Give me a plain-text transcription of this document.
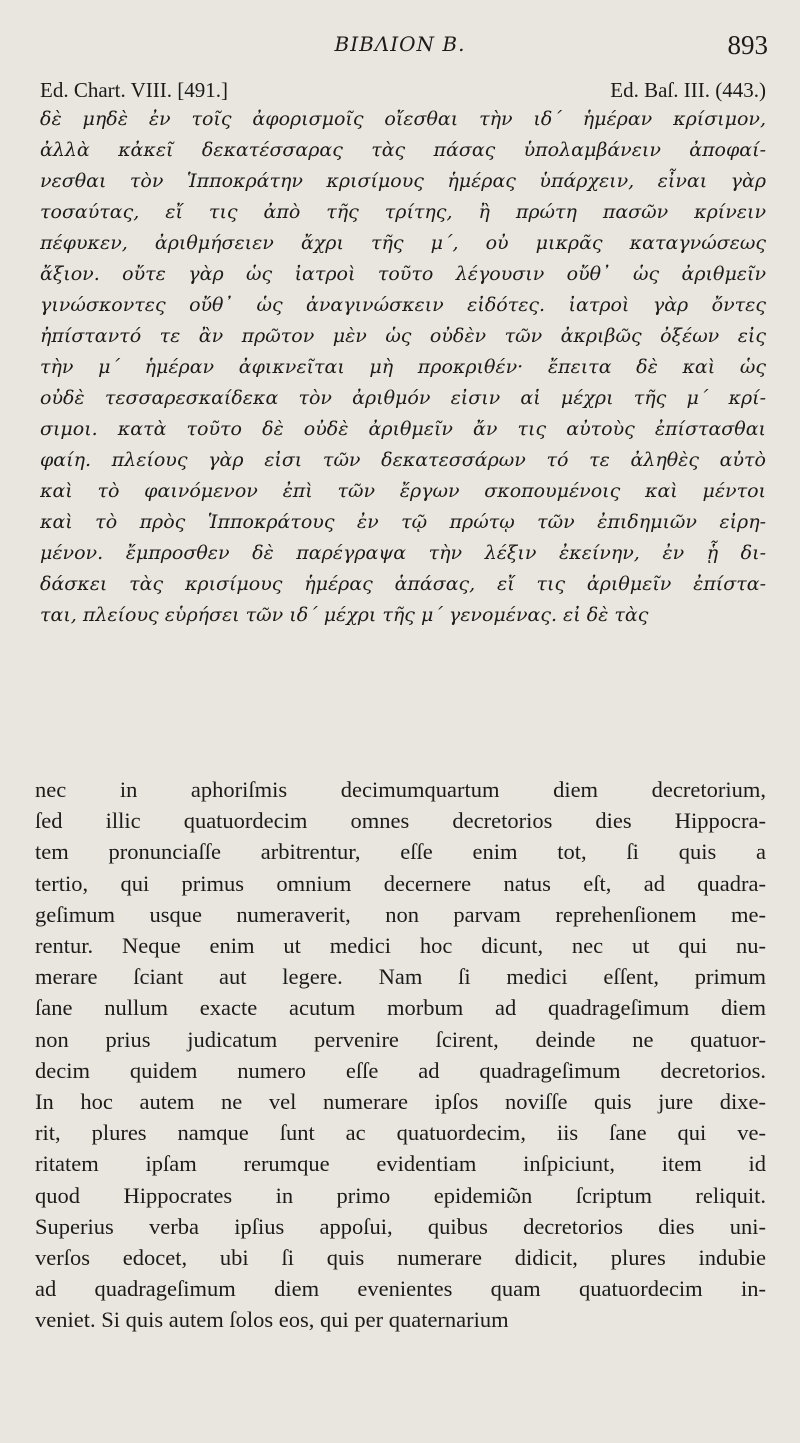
ΒΙΒΛΙΟΝ Β.	893
Ed. Chart. VIII. [491.]	Ed. Baſ. III. (443.)
δὲ μηδὲ ἐν τοῖς ἀφορισμοῖς οἴεσθαι τὴν ιδ΄ ἡμέραν κρίσιμον,
ἀλλὰ κἀκεῖ δεκατέσσαρας τὰς πάσας ὑπολαμβάνειν ἀποφαί-
νεσθαι τὸν Ἱπποκράτην κρισίμους ἡμέρας ὑπάρχειν, εἶναι γὰρ
τοσαύτας, εἴ τις ἀπὸ τῆς τρίτης, ἢ πρώτη πασῶν κρίνειν
πέφυκεν, ἀριθμήσειεν ἄχρι τῆς μ΄, οὐ μικρᾶς καταγνώσεως
ἄξιον. οὔτε γὰρ ὡς ἰατροὶ τοῦτο λέγουσιν οὔθ᾽ ὡς ἀριθμεῖν
γινώσκοντες οὔθ᾽ ὡς ἀναγινώσκειν εἰδότες. ἰατροὶ γὰρ ὄντες
ἠπίσταντό τε ἂν πρῶτον μὲν ὡς οὐδὲν τῶν ἀκριβῶς ὀξέων εἰς
τὴν μ΄ ἡμέραν ἀφικνεῖται μὴ προκριθέν· ἔπειτα δὲ καὶ ὡς
οὐδὲ τεσσαρεσκαίδεκα τὸν ἀριθμόν εἰσιν αἱ μέχρι τῆς μ΄ κρί-
σιμοι. κατὰ τοῦτο δὲ οὐδὲ ἀριθμεῖν ἄν τις αὐτοὺς ἐπίστασθαι
φαίη. πλείους γὰρ εἰσι τῶν δεκατεσσάρων τό τε ἀληθὲς αὐτὸ
καὶ τὸ φαινόμενον ἐπὶ τῶν ἔργων σκοπουμένοις καὶ μέντοι
καὶ τὸ πρὸς Ἱπποκράτους ἐν τῷ πρώτῳ τῶν ἐπιδημιῶν εἰρη-
μένον. ἔμπροσθεν δὲ παρέγραψα τὴν λέξιν ἐκείνην, ἐν ᾗ δι-
δάσκει τὰς κρισίμους ἡμέρας ἁπάσας, εἴ τις ἀριθμεῖν ἐπίστα-
ται, πλείους εὑρήσει τῶν ιδ΄ μέχρι τῆς μ΄ γενομένας. εἰ δὲ τὰς
nec in aphoriſmis decimumquartum diem decretorium,
ſed illic quatuordecim omnes decretorios dies Hippocra-
tem pronunciaſſe arbitrentur, eſſe enim tot, ſi quis a
tertio, qui primus omnium decernere natus eſt, ad quadra-
geſimum usque numeraverit, non parvam reprehenſionem me-
rentur. Neque enim ut medici hoc dicunt, nec ut qui nu-
merare ſciant aut legere. Nam ſi medici eſſent, primum
ſane nullum exacte acutum morbum ad quadrageſimum diem
non prius judicatum pervenire ſcirent, deinde ne quatuor-
decim quidem numero eſſe ad quadrageſimum decretorios.
In hoc autem ne vel numerare ipſos noviſſe quis jure dixe-
rit, plures namque ſunt ac quatuordecim, iis ſane qui ve-
ritatem ipſam rerumque evidentiam inſpiciunt, item id
quod Hippocrates in primo epidemiῶn ſcriptum reliquit.
Superius verba ipſius appoſui, quibus decretorios dies uni-
verſos edocet, ubi ſi quis numerare didicit, plures indubie
ad quadrageſimum diem evenientes quam quatuordecim in-
veniet. Si quis autem ſolos eos, qui per quaternarium
